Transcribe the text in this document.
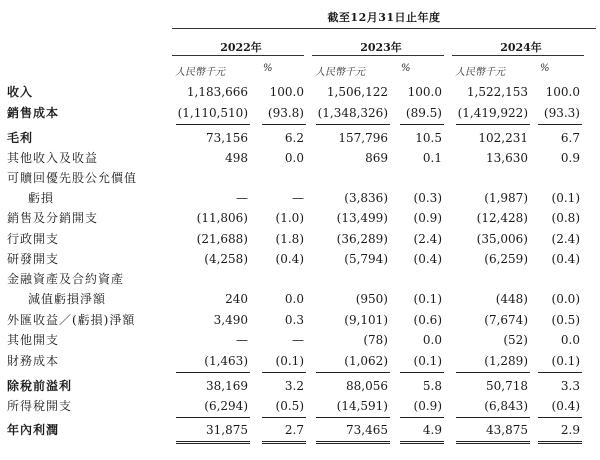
截至12月31日止年度
2022年	2023年	2024年
人民幣千元	%	人民幣千元	%	人民幣千元	%
收入	1,183,666	100.0	1,506,122	100.0	1,522,153	100.0
銷售成本	(1,110,510)	(93.8)	(1,348,326)	(89.5)	(1,419,922)	(93.3)
毛利	73,156	6.2	157,796	10.5	102,231	6.7
其他收入及收益	498	0.0	869	0.1	13,630	0.9
可贖回優先股公允價值
虧損	—	—	(3,836)	(0.3)	(1,987)	(0.1)
銷售及分銷開支	(11,806)	(1.0)	(13,499)	(0.9)	(12,428)	(0.8)
行政開支	(21,688)	(1.8)	(36,289)	(2.4)	(35,006)	(2.4)
研發開支	(4,258)	(0.4)	(5,794)	(0.4)	(6,259)	(0.4)
金融資產及合約資產
減值虧損淨額	240	0.0	(950)	(0.1)	(448)	(0.0)
外匯收益／(虧損)淨額	3,490	0.3	(9,101)	(0.6)	(7,674)	(0.5)
其他開支	—	—	(78)	0.0	(52)	0.0
財務成本	(1,463)	(0.1)	(1,062)	(0.1)	(1,289)	(0.1)
除稅前溢利	38,169	3.2	88,056	5.8	50,718	3.3
所得稅開支	(6,294)	(0.5)	(14,591)	(0.9)	(6,843)	(0.4)
年內利潤	31,875	2.7	73,465	4.9	43,875	2.9
